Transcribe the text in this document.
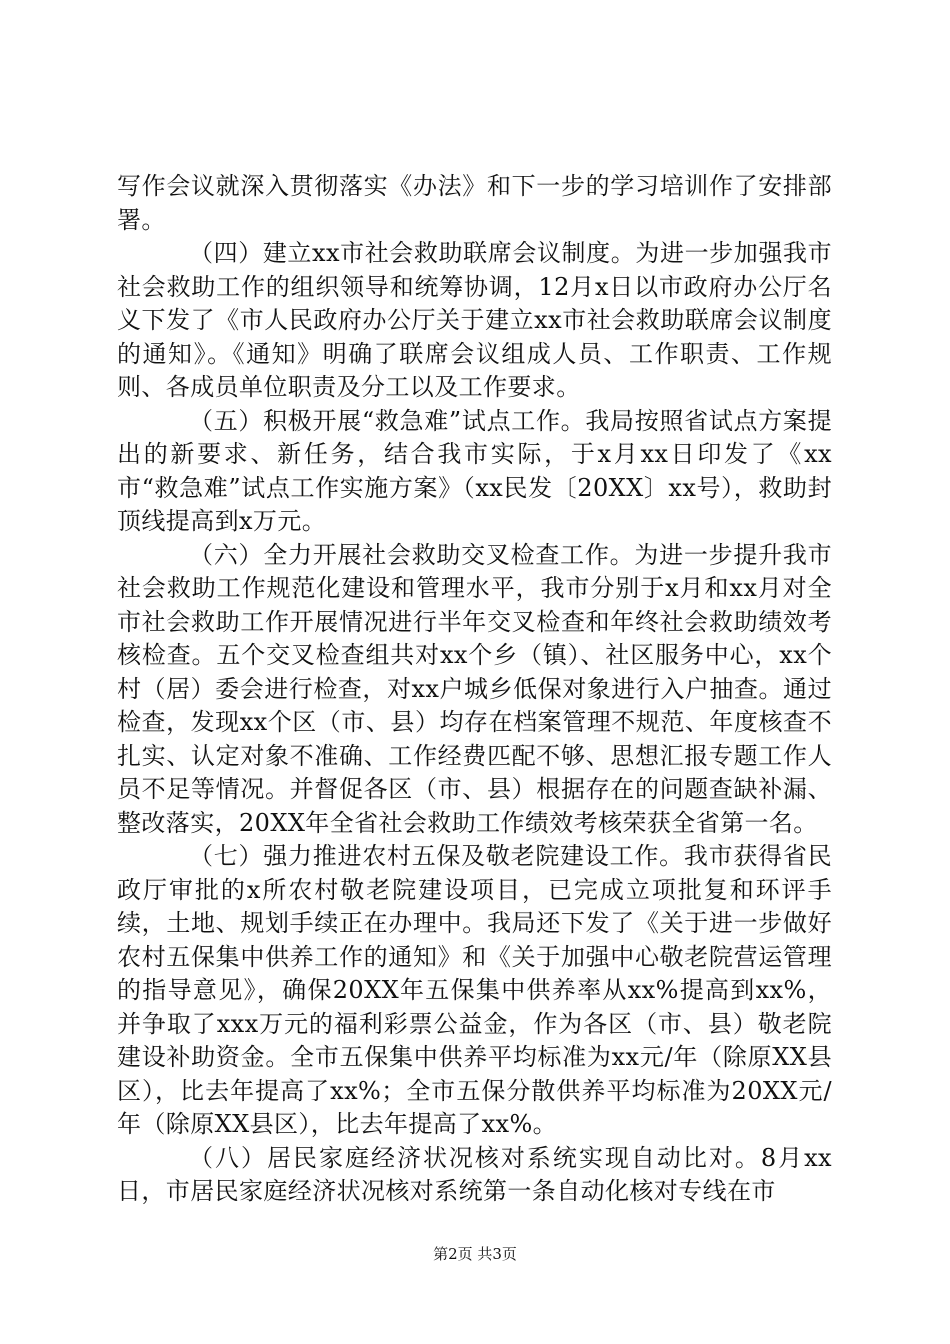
写作会议就深入贯彻落实《办法》和下一步的学习培训作了安排部署。

（四）建立xx市社会救助联席会议制度。为进一步加强我市社会救助工作的组织领导和统筹协调，12月x日以市政府办公厅名义下发了《市人民政府办公厅关于建立xx市社会救助联席会议制度的通知》。《通知》明确了联席会议组成人员、工作职责、工作规则、各成员单位职责及分工以及工作要求。

（五）积极开展“救急难”试点工作。我局按照省试点方案提出的新要求、新任务，结合我市实际，于x月xx日印发了《xx市“救急难”试点工作实施方案》（xx民发〔20XX〕xx号），救助封顶线提高到x万元。

（六）全力开展社会救助交叉检查工作。为进一步提升我市社会救助工作规范化建设和管理水平，我市分别于x月和xx月对全市社会救助工作开展情况进行半年交叉检查和年终社会救助绩效考核检查。五个交叉检查组共对xx个乡（镇）、社区服务中心，xx个村（居）委会进行检查，对xx户城乡低保对象进行入户抽查。通过检查，发现xx个区（市、县）均存在档案管理不规范、年度核查不扎实、认定对象不准确、工作经费匹配不够、思想汇报专题工作人员不足等情况。并督促各区（市、县）根据存在的问题查缺补漏、整改落实，20XX年全省社会救助工作绩效考核荣获全省第一名。

（七）强力推进农村五保及敬老院建设工作。我市获得省民政厅审批的x所农村敬老院建设项目，已完成立项批复和环评手续，土地、规划手续正在办理中。我局还下发了《关于进一步做好农村五保集中供养工作的通知》和《关于加强中心敬老院营运管理的指导意见》，确保20XX年五保集中供养率从xx%提高到xx%，并争取了xxx万元的福利彩票公益金，作为各区（市、县）敬老院建设补助资金。全市五保集中供养平均标准为xx元/年（除原XX县区），比去年提高了xx%；全市五保分散供养平均标准为20XX元/年（除原XX县区），比去年提高了xx%。

（八）居民家庭经济状况核对系统实现自动比对。8月xx日，市居民家庭经济状况核对系统第一条自动化核对专线在市

第2页 共3页
